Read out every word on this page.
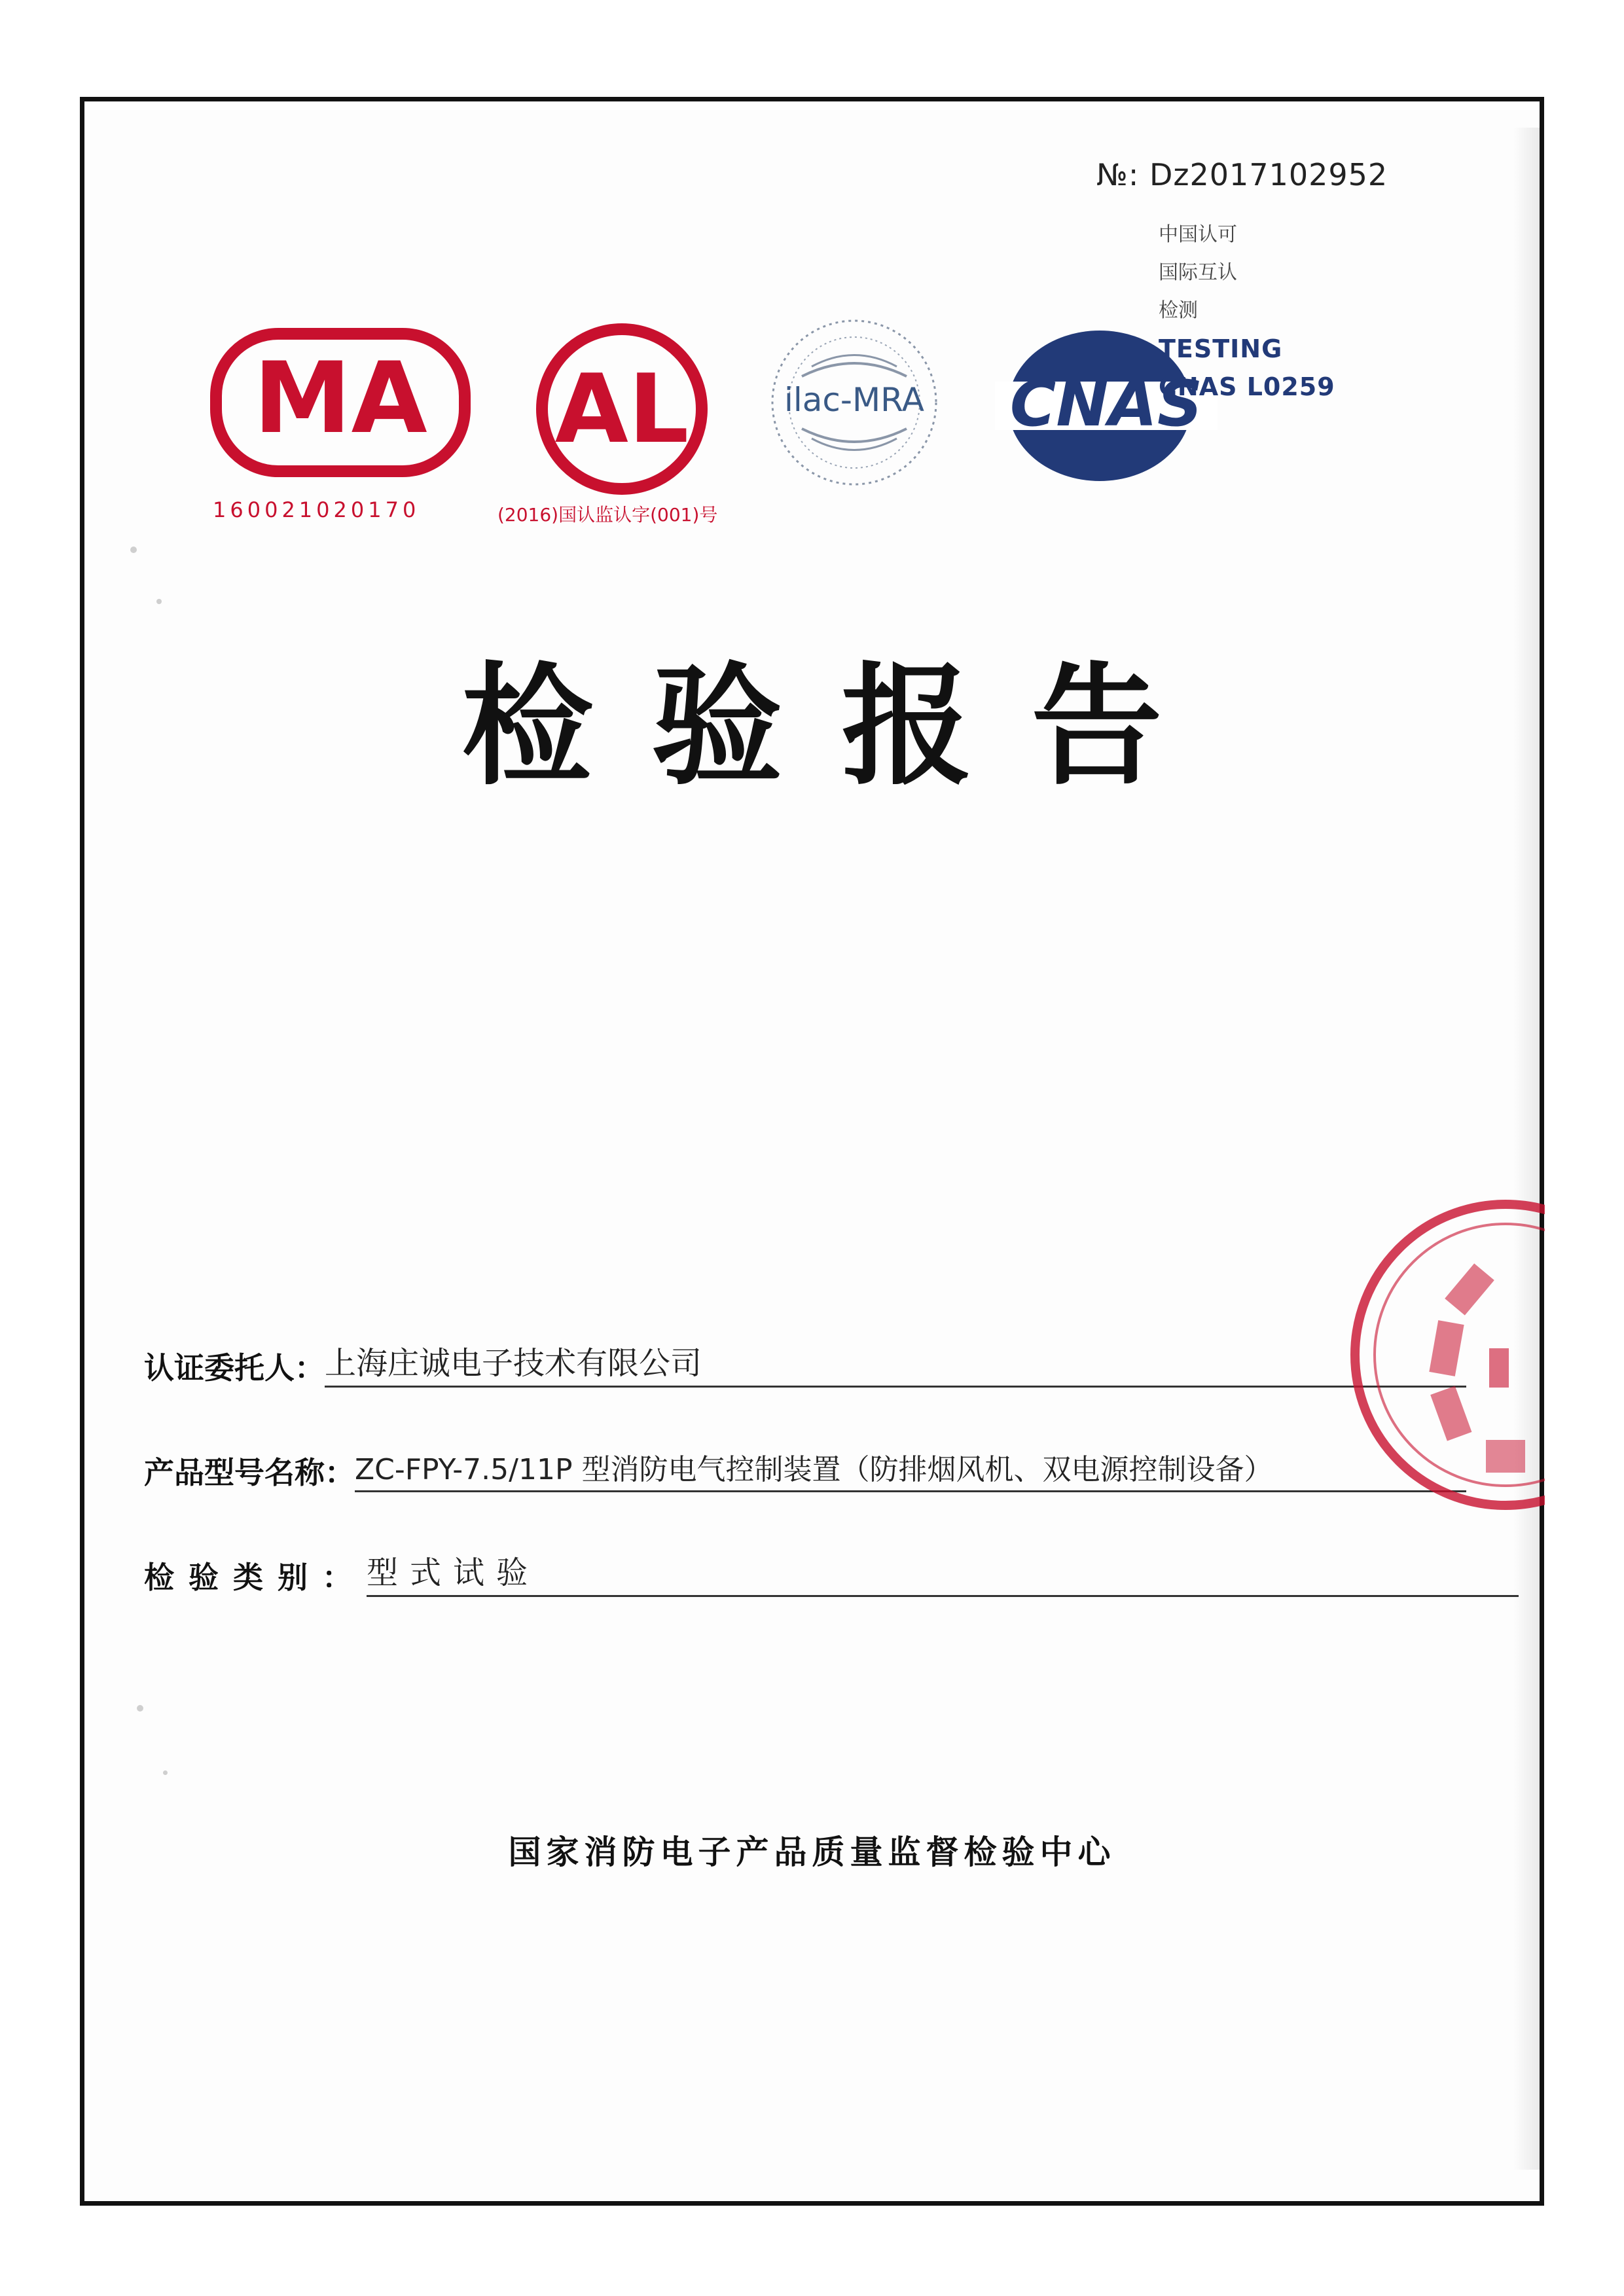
№: Dz2017102952
MA
160021020170
AL
(2016)国认监认字(001)号
ilac-MRA CNAS
中国认可
国际互认
检测
TESTING
CNAS L0259
检验报告
认证委托人： 上海庄诚电子技术有限公司
产品型号名称： ZC-FPY-7.5/11P 型消防电气控制装置（防排烟风机、双电源控制设备）
检验类别： 型式试验
国家消防电子产品质量监督检验中心
